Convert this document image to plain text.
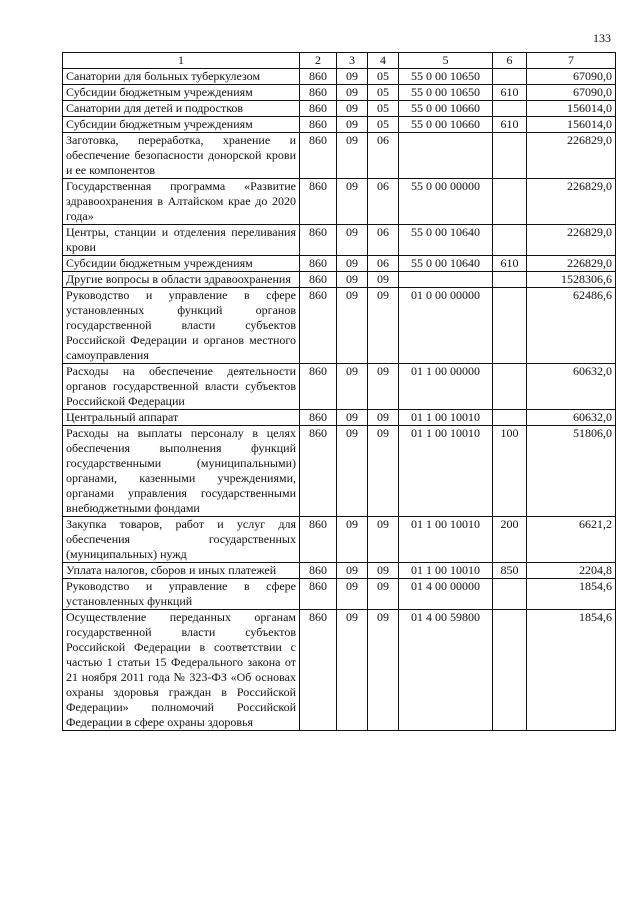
133
1	2	3	4	5	6	7
Санатории для больных туберкулезом	860	09	05	55 0 00 10650		67090,0
Субсидии бюджетным учреждениям	860	09	05	55 0 00 10650	610	67090,0
Санатории для детей и подростков	860	09	05	55 0 00 10660		156014,0
Субсидии бюджетным учреждениям	860	09	05	55 0 00 10660	610	156014,0
Заготовка, переработка, хранение и обеспечение безопасности донорской крови и ее компонентов	860	09	06			226829,0
Государственная программа «Развитие здравоохранения в Алтайском крае до 2020 года»	860	09	06	55 0 00 00000		226829,0
Центры, станции и отделения переливания крови	860	09	06	55 0 00 10640		226829,0
Субсидии бюджетным учреждениям	860	09	06	55 0 00 10640	610	226829,0
Другие вопросы в области здравоохранения	860	09	09			1528306,6
Руководство и управление в сфере установленных функций органов государственной власти субъектов Российской Федерации и органов местного самоуправления	860	09	09	01 0 00 00000		62486,6
Расходы на обеспечение деятельности органов государственной власти субъектов Российской Федерации	860	09	09	01 1 00 00000		60632,0
Центральный аппарат	860	09	09	01 1 00 10010		60632,0
Расходы на выплаты персоналу в целях обеспечения выполнения функций государственными (муниципальными) органами, казенными учреждениями, органами управления государственными внебюджетными фондами	860	09	09	01 1 00 10010	100	51806,0
Закупка товаров, работ и услуг для обеспечения государственных (муниципальных) нужд	860	09	09	01 1 00 10010	200	6621,2
Уплата налогов, сборов и иных платежей	860	09	09	01 1 00 10010	850	2204,8
Руководство и управление в сфере установленных функций	860	09	09	01 4 00 00000		1854,6
Осуществление переданных органам государственной власти субъектов Российской Федерации в соответствии с частью 1 статьи 15 Федерального закона от 21 ноября 2011 года № 323-ФЗ «Об основах охраны здоровья граждан в Российской Федерации» полномочий Российской Федерации в сфере охраны здоровья	860	09	09	01 4 00 59800		1854,6
